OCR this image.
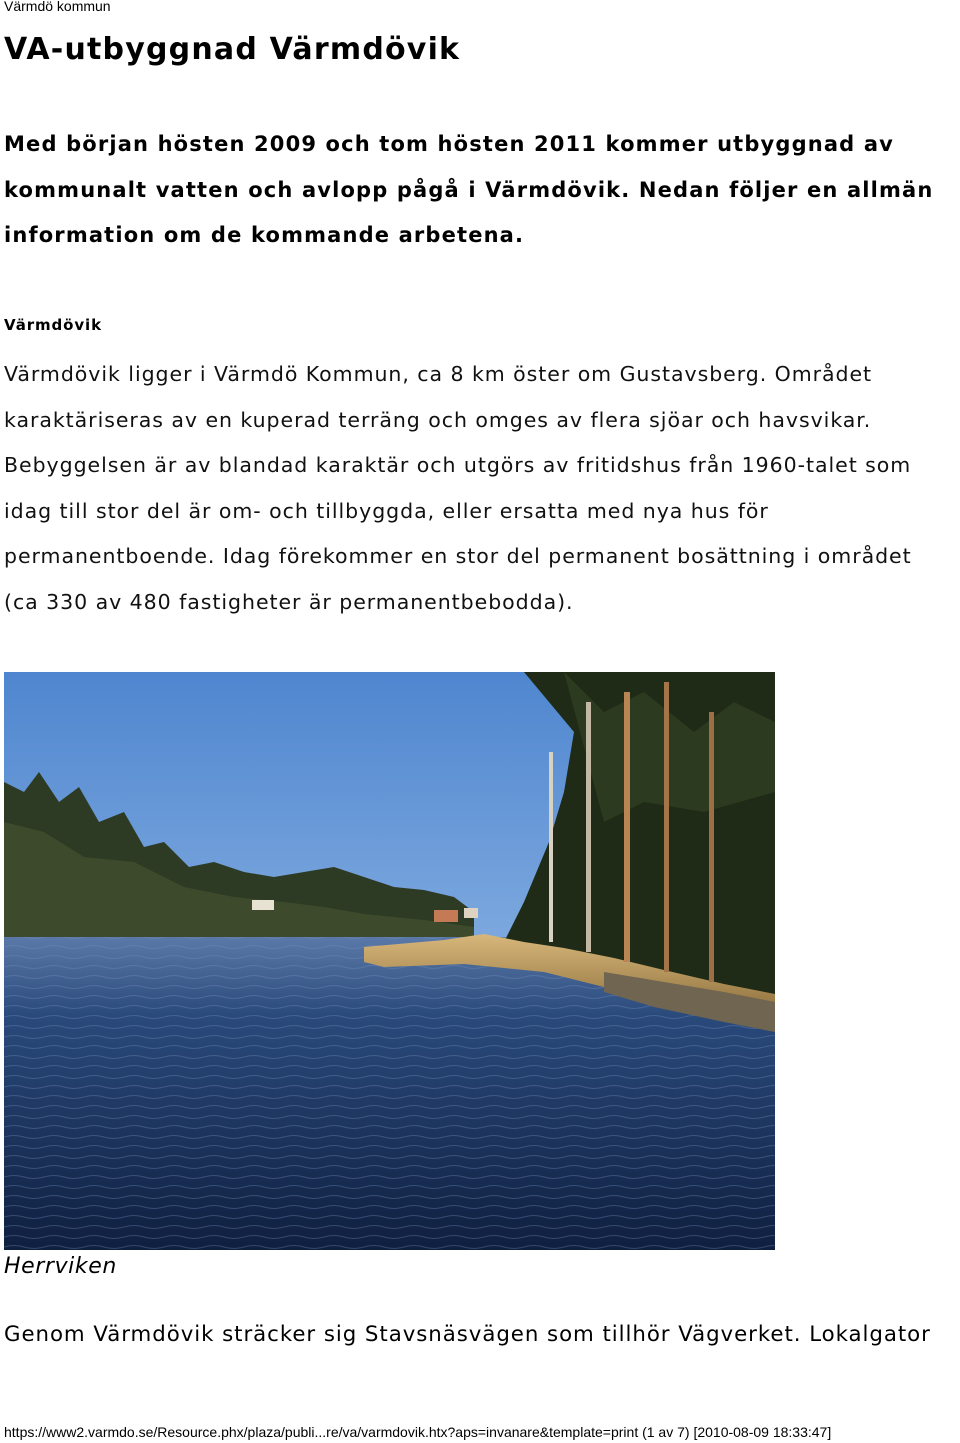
Värmdö kommun
VA-utbyggnad Värmdövik

Med början hösten 2009 och tom hösten 2011 kommer utbyggnad av
kommunalt vatten och avlopp pågå i Värmdövik. Nedan följer en allmän
information om de kommande arbetena.

Värmdövik

Värmdövik ligger i Värmdö Kommun, ca 8 km öster om Gustavsberg. Området
karaktäriseras av en kuperad terräng och omges av flera sjöar och havsvikar.
Bebyggelsen är av blandad karaktär och utgörs av fritidshus från 1960-talet som
idag till stor del är om- och tillbyggda, eller ersatta med nya hus för
permanentboende. Idag förekommer en stor del permanent bosättning i området
(ca 330 av 480 fastigheter är permanentbebodda).

Herrviken
Genom Värmdövik sträcker sig Stavsnäsvägen som tillhör Vägverket. Lokalgator
https://www2.varmdo.se/Resource.phx/plaza/publi...re/va/varmdovik.htx?aps=invanare&template=print (1 av 7) [2010-08-09 18:33:47]
